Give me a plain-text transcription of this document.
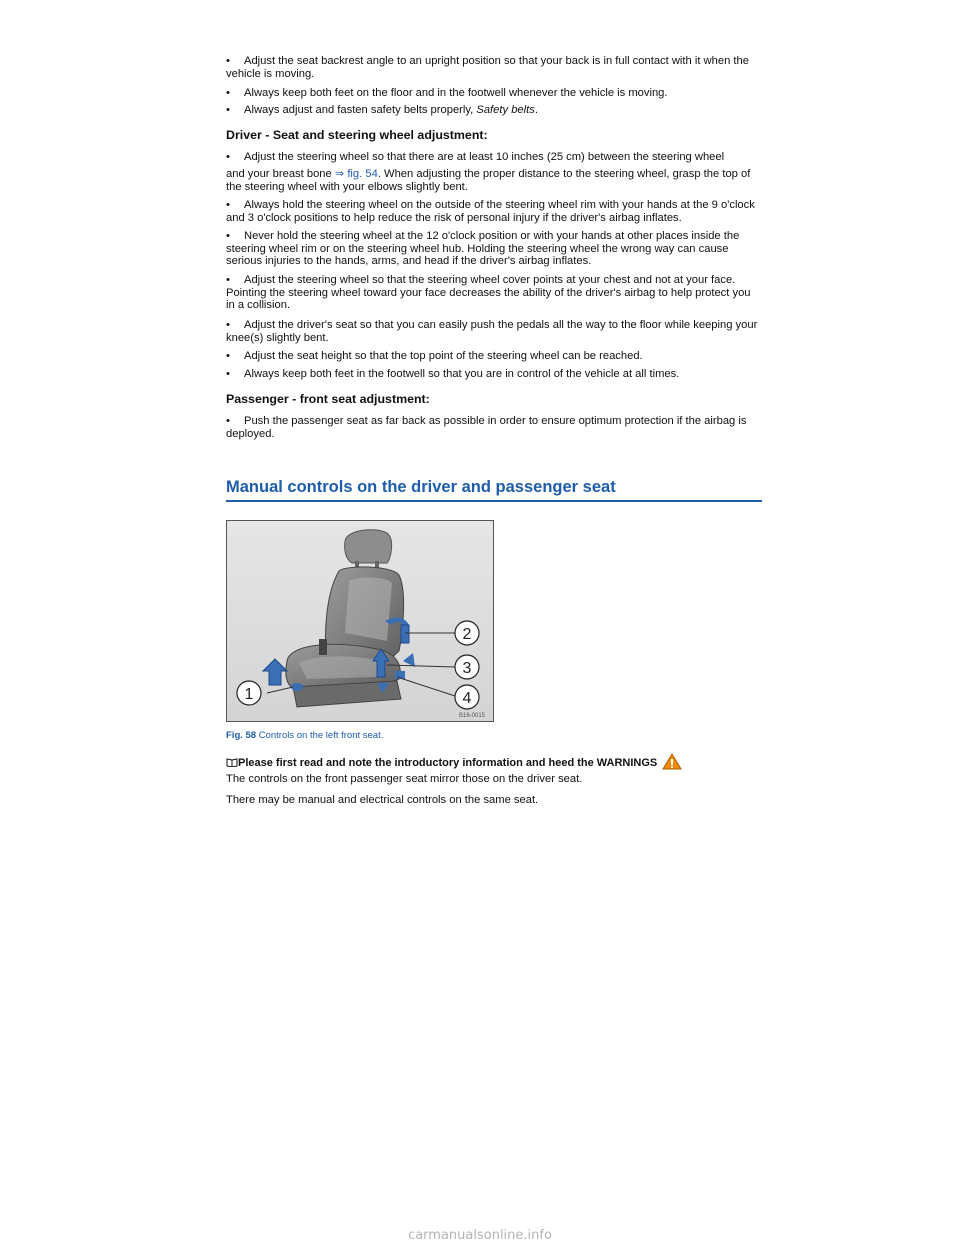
• Adjust the seat backrest angle to an upright position so that your back is in full contact with it when the vehicle is moving.
• Always keep both feet on the floor and in the footwell whenever the vehicle is moving.
• Always adjust and fasten safety belts properly, Safety belts.
Driver - Seat and steering wheel adjustment:
• Adjust the steering wheel so that there are at least 10 inches (25 cm) between the steering wheel
and your breast bone ⇒ fig. 54. When adjusting the proper distance to the steering wheel, grasp the top of the steering wheel with your elbows slightly bent.
• Always hold the steering wheel on the outside of the steering wheel rim with your hands at the 9 o'clock and 3 o'clock positions to help reduce the risk of personal injury if the driver's airbag inflates.
• Never hold the steering wheel at the 12 o'clock position or with your hands at other places inside the steering wheel rim or on the steering wheel hub. Holding the steering wheel the wrong way can cause serious injuries to the hands, arms, and head if the driver's airbag inflates.
• Adjust the steering wheel so that the steering wheel cover points at your chest and not at your face. Pointing the steering wheel toward your face decreases the ability of the driver's airbag to help protect you in a collision.
• Adjust the driver's seat so that you can easily push the pedals all the way to the floor while keeping your knee(s) slightly bent.
• Adjust the seat height so that the top point of the steering wheel can be reached.
• Always keep both feet in the footwell so that you are in control of the vehicle at all times.
Passenger - front seat adjustment:
• Push the passenger seat as far back as possible in order to ensure optimum protection if the airbag is deployed.
Manual controls on the driver and passenger seat
1
2
3
4
B16-0015
Fig. 58 Controls on the left front seat.
Please first read and note the introductory information and heed the WARNINGS
The controls on the front passenger seat mirror those on the driver seat.
There may be manual and electrical controls on the same seat.
carmanualsonline.info
